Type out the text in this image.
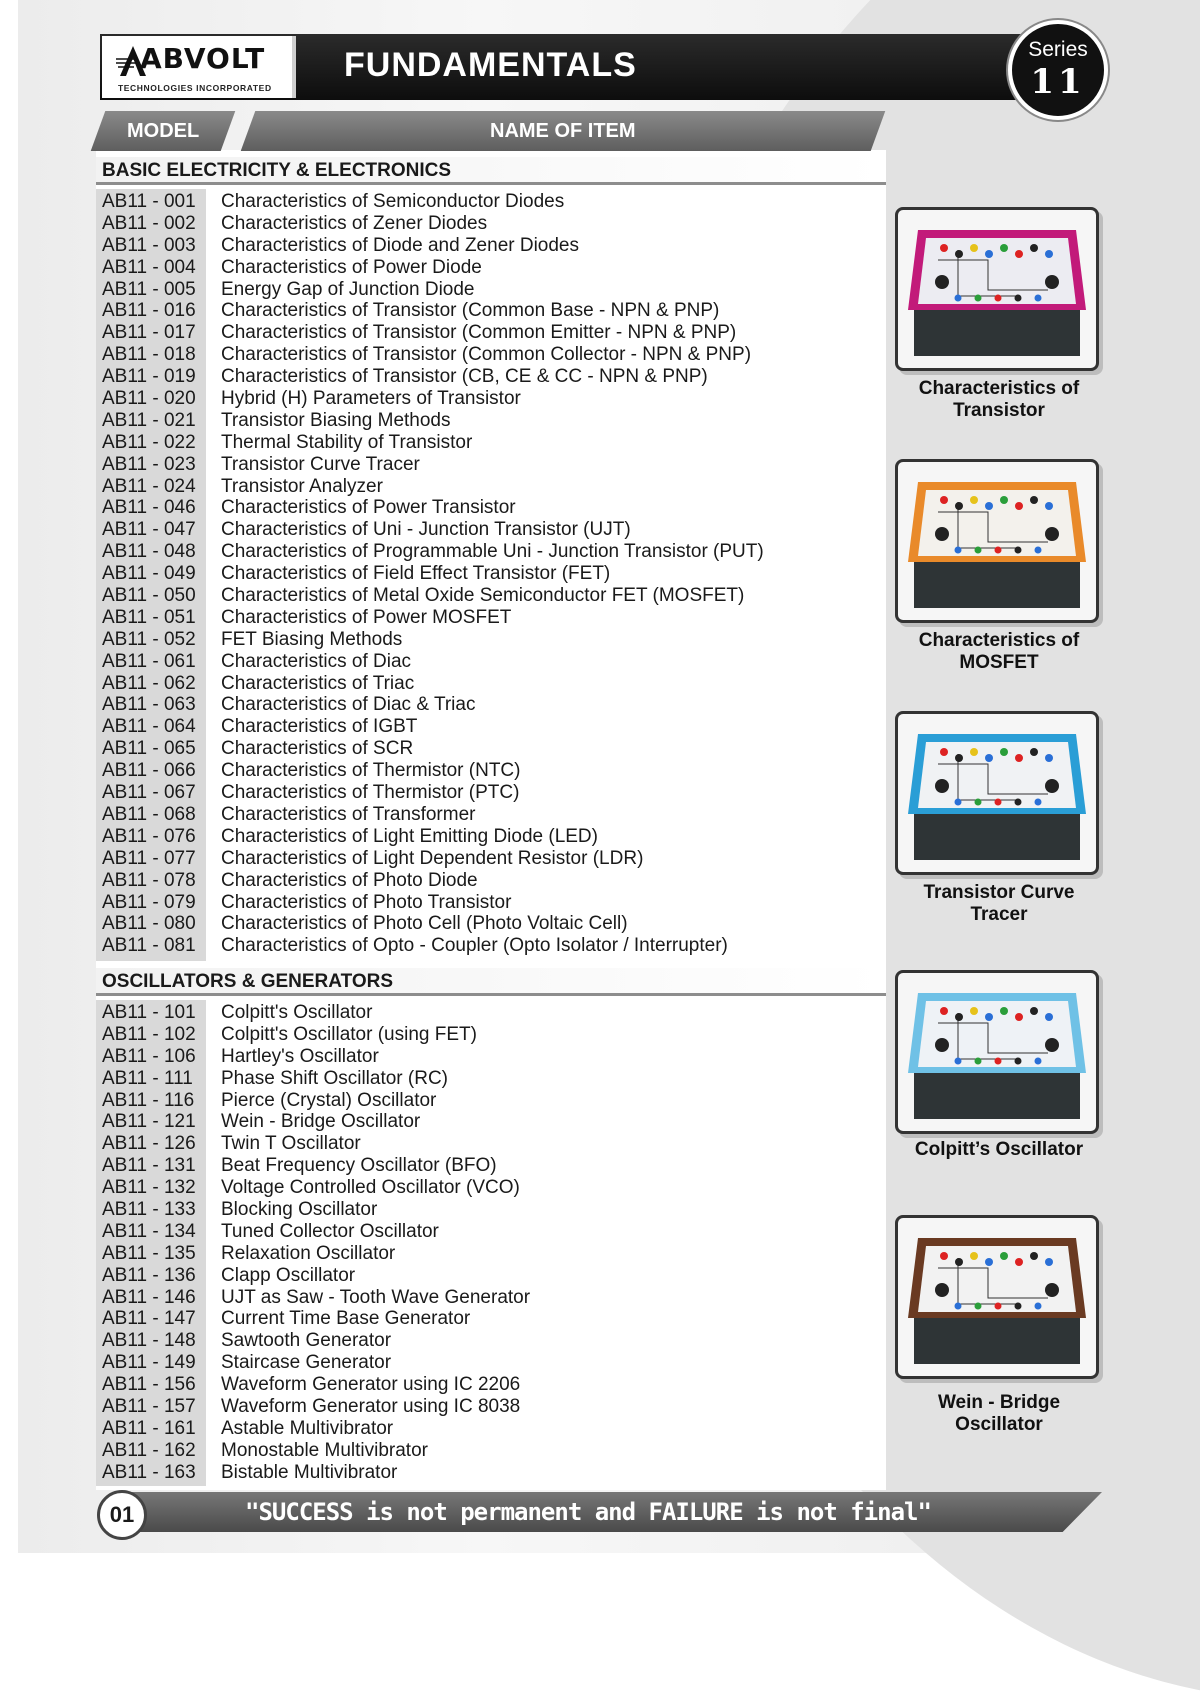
ABVOLT
TECHNOLOGIES INCORPORATED
FUNDAMENTALS	Series
11
MODEL	NAME OF ITEM
BASIC ELECTRICITY & ELECTRONICS
AB11 - 001 Characteristics of Semiconductor Diodes
AB11 - 002 Characteristics of Zener Diodes
AB11 - 003 Characteristics of Diode and Zener Diodes
AB11 - 004 Characteristics of Power Diode
AB11 - 005 Energy Gap of Junction Diode
AB11 - 016 Characteristics of Transistor (Common Base - NPN & PNP)
AB11 - 017 Characteristics of Transistor (Common Emitter - NPN & PNP)
AB11 - 018 Characteristics of Transistor (Common Collector - NPN & PNP)
AB11 - 019 Characteristics of Transistor (CB, CE & CC - NPN & PNP)
AB11 - 020 Hybrid (H) Parameters of Transistor
AB11 - 021 Transistor Biasing Methods
AB11 - 022 Thermal Stability of Transistor
AB11 - 023 Transistor Curve Tracer
AB11 - 024 Transistor Analyzer
AB11 - 046 Characteristics of Power Transistor
AB11 - 047 Characteristics of Uni - Junction Transistor (UJT)
AB11 - 048 Characteristics of Programmable Uni - Junction Transistor (PUT)
AB11 - 049 Characteristics of Field Effect Transistor (FET)
AB11 - 050 Characteristics of Metal Oxide Semiconductor FET (MOSFET)
AB11 - 051 Characteristics of Power MOSFET
AB11 - 052 FET Biasing Methods
AB11 - 061 Characteristics of Diac
AB11 - 062 Characteristics of Triac
AB11 - 063 Characteristics of Diac & Triac
AB11 - 064 Characteristics of IGBT
AB11 - 065 Characteristics of SCR
AB11 - 066 Characteristics of Thermistor (NTC)
AB11 - 067 Characteristics of Thermistor (PTC)
AB11 - 068 Characteristics of Transformer
AB11 - 076 Characteristics of Light Emitting Diode (LED)
AB11 - 077 Characteristics of Light Dependent Resistor (LDR)
AB11 - 078 Characteristics of Photo Diode
AB11 - 079 Characteristics of Photo Transistor
AB11 - 080 Characteristics of Photo Cell (Photo Voltaic Cell)
AB11 - 081 Characteristics of Opto - Coupler (Opto Isolator / Interrupter)
OSCILLATORS & GENERATORS
AB11 - 101 Colpitt's Oscillator
AB11 - 102 Colpitt's Oscillator (using FET)
AB11 - 106 Hartley's Oscillator
AB11 - 111 Phase Shift Oscillator (RC)
AB11 - 116 Pierce (Crystal) Oscillator
AB11 - 121 Wein - Bridge Oscillator
AB11 - 126 Twin T Oscillator
AB11 - 131 Beat Frequency Oscillator (BFO)
AB11 - 132 Voltage Controlled Oscillator (VCO)
AB11 - 133 Blocking Oscillator
AB11 - 134 Tuned Collector Oscillator
AB11 - 135 Relaxation Oscillator
AB11 - 136 Clapp Oscillator
AB11 - 146 UJT as Saw - Tooth Wave Generator
AB11 - 147 Current Time Base Generator
AB11 - 148 Sawtooth Generator
AB11 - 149 Staircase Generator
AB11 - 156 Waveform Generator using IC 2206
AB11 - 157 Waveform Generator using IC 8038
AB11 - 161 Astable Multivibrator
AB11 - 162 Monostable Multivibrator
AB11 - 163 Bistable Multivibrator
Characteristics of
Transistor
Characteristics of
MOSFET
Transistor Curve
Tracer
Colpitt’s Oscillator
Wein - Bridge
Oscillator
"SUCCESS is not permanent and FAILURE is not final"
01
